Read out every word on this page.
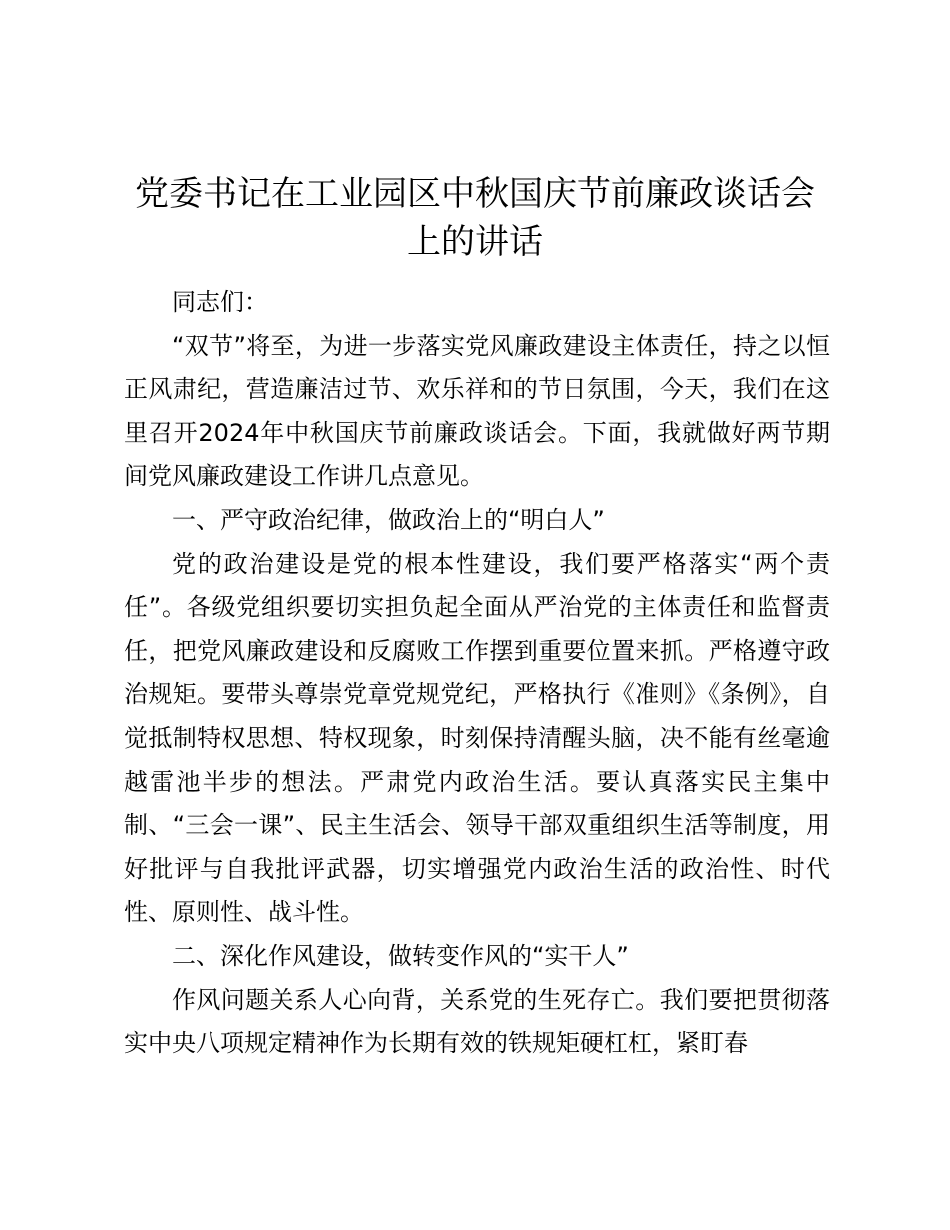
党委书记在工业园区中秋国庆节前廉政谈话会上的讲话

同志们：

“双节”将至，为进一步落实党风廉政建设主体责任，持之以恒正风肃纪，营造廉洁过节、欢乐祥和的节日氛围，今天，我们在这里召开2024年中秋国庆节前廉政谈话会。下面，我就做好两节期间党风廉政建设工作讲几点意见。

一、严守政治纪律，做政治上的“明白人”

党的政治建设是党的根本性建设，我们要严格落实“两个责任”。各级党组织要切实担负起全面从严治党的主体责任和监督责任，把党风廉政建设和反腐败工作摆到重要位置来抓。严格遵守政治规矩。要带头尊崇党章党规党纪，严格执行《准则》《条例》，自觉抵制特权思想、特权现象，时刻保持清醒头脑，决不能有丝毫逾越雷池半步的想法。严肃党内政治生活。要认真落实民主集中制、“三会一课”、民主生活会、领导干部双重组织生活等制度，用好批评与自我批评武器，切实增强党内政治生活的政治性、时代性、原则性、战斗性。

二、深化作风建设，做转变作风的“实干人”

作风问题关系人心向背，关系党的生死存亡。我们要把贯彻落实中央八项规定精神作为长期有效的铁规矩硬杠杠，紧盯春
